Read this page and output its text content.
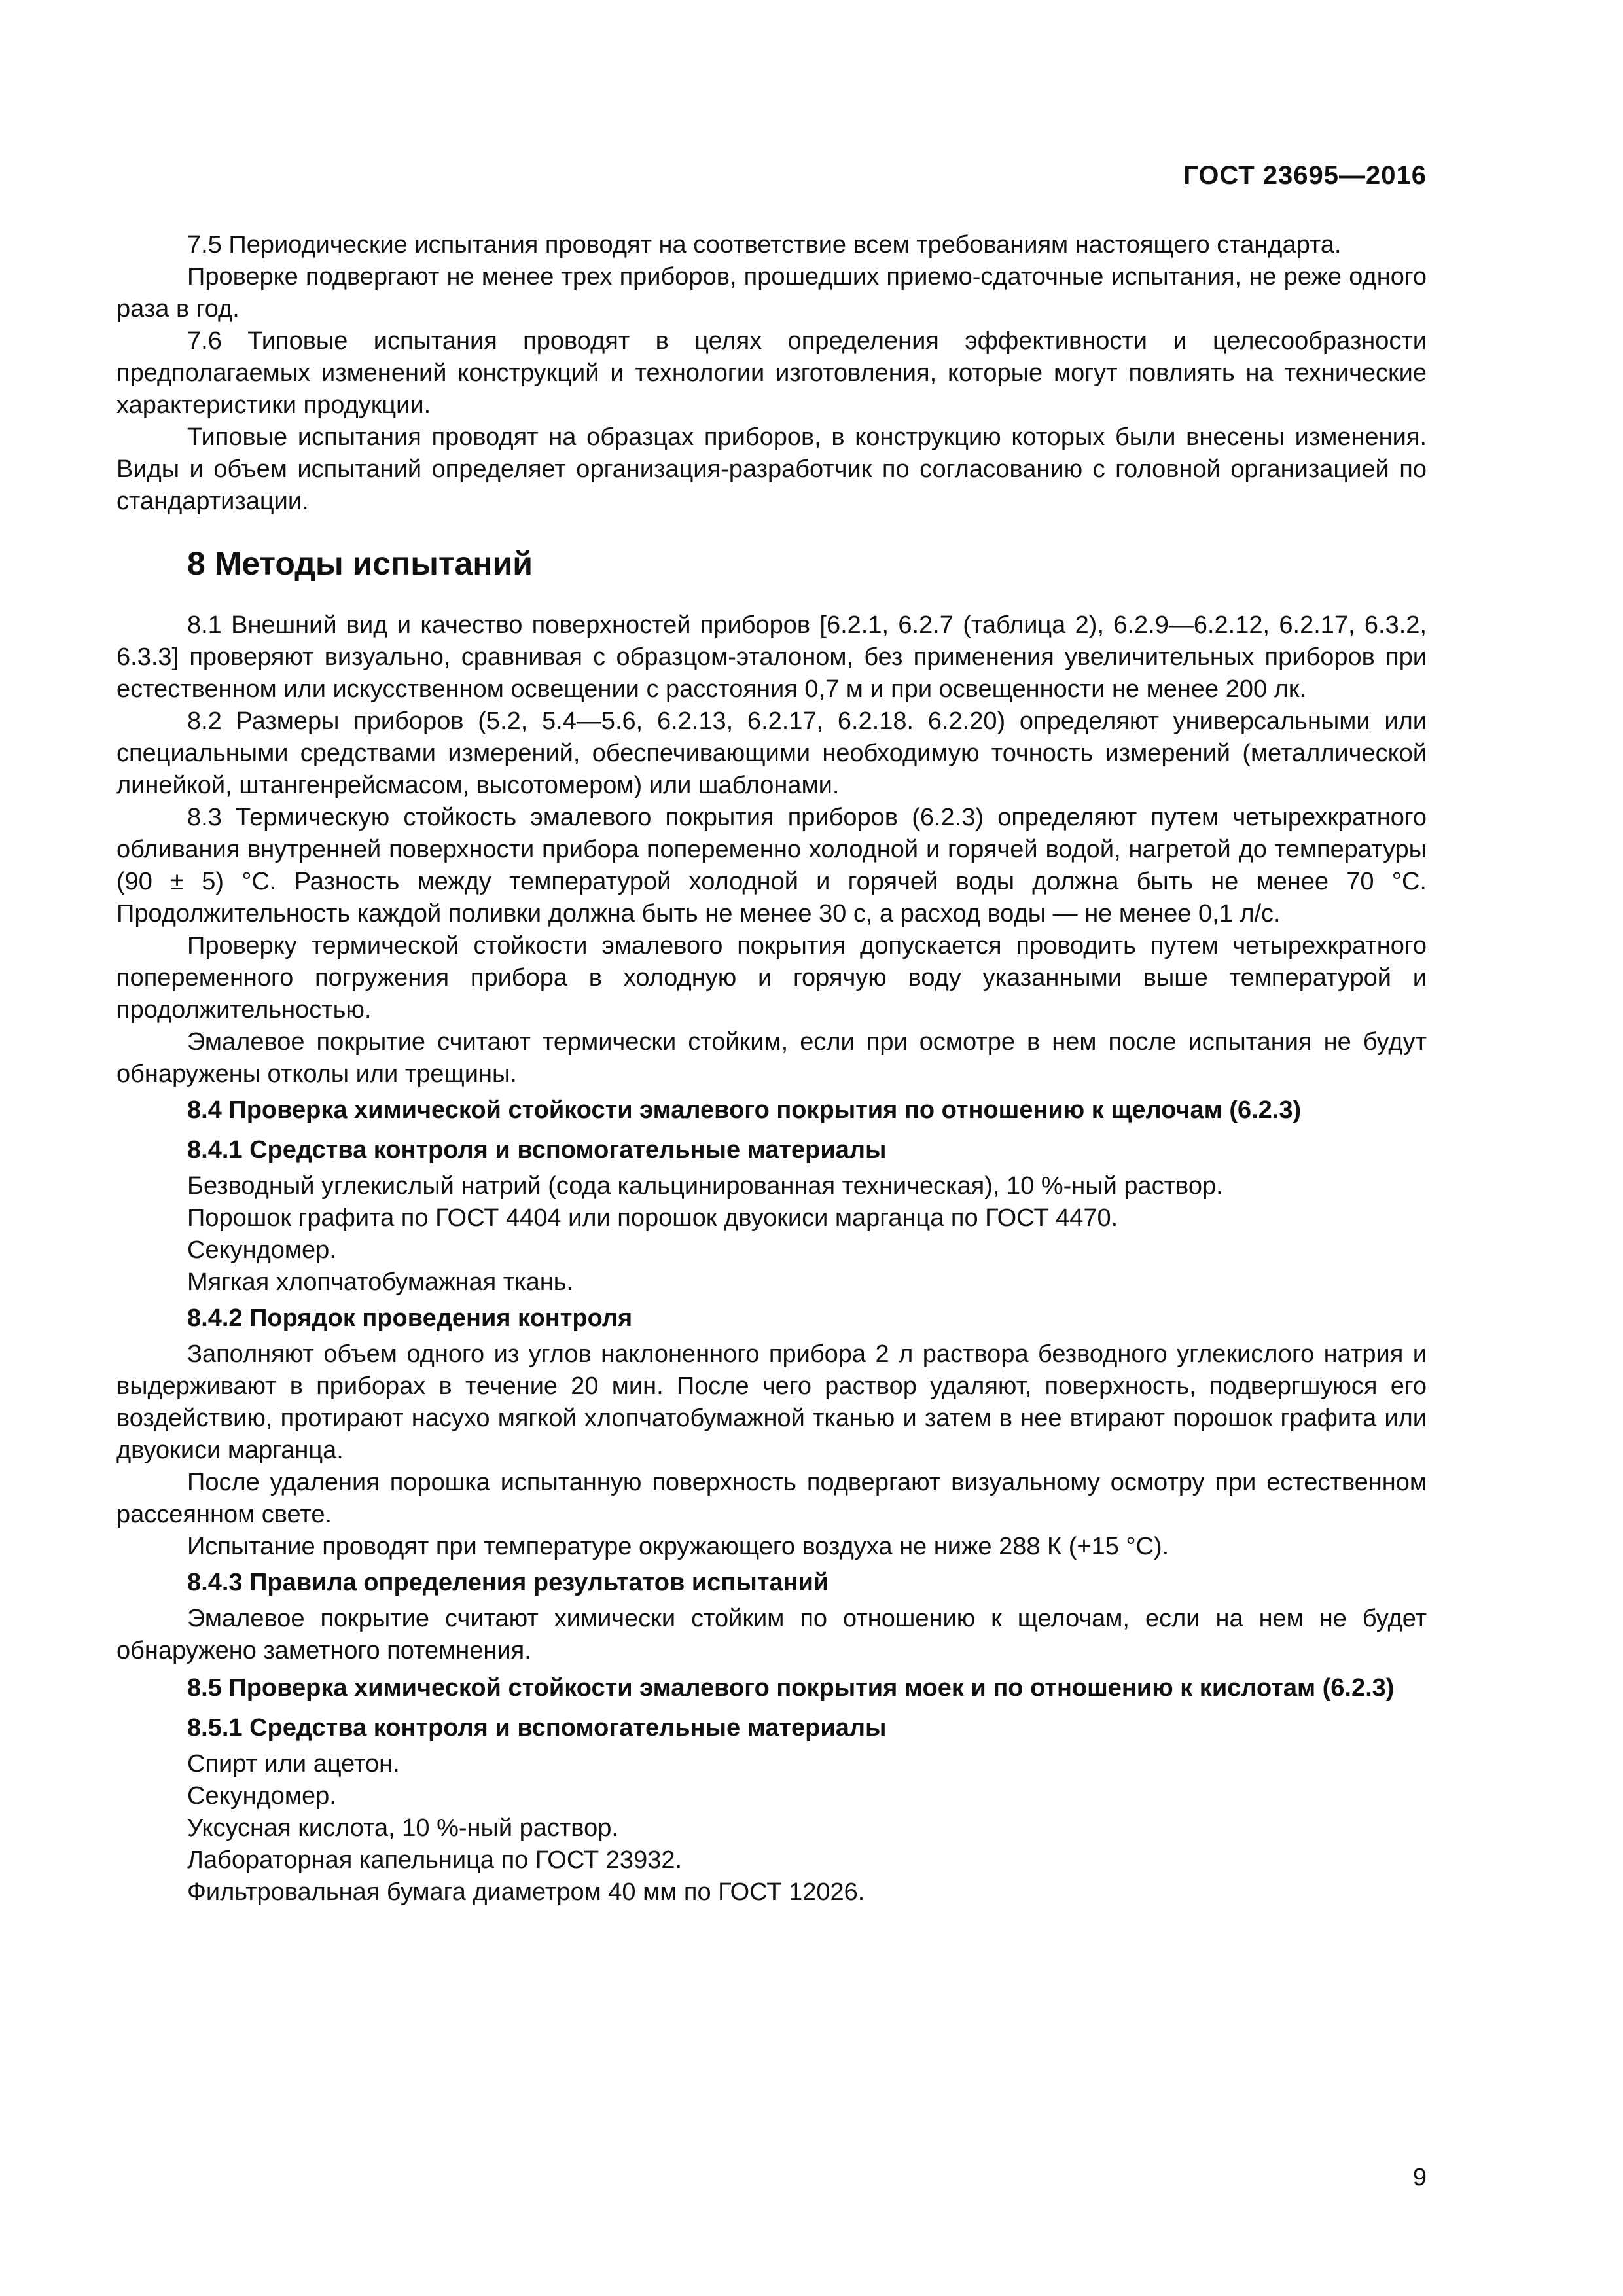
ГОСТ 23695—2016

7.5 Периодические испытания проводят на соответствие всем требованиям настоящего стандарта.

Проверке подвергают не менее трех приборов, прошедших приемо-сдаточные испытания, не реже одного раза в год.

7.6 Типовые испытания проводят в целях определения эффективности и целесообразности предполагаемых изменений конструкций и технологии изготовления, которые могут повлиять на технические характеристики продукции.

Типовые испытания проводят на образцах приборов, в конструкцию которых были внесены изменения. Виды и объем испытаний определяет организация-разработчик по согласованию с головной организацией по стандартизации.

8 Методы испытаний

8.1 Внешний вид и качество поверхностей приборов [6.2.1, 6.2.7 (таблица 2), 6.2.9—6.2.12, 6.2.17, 6.3.2, 6.3.3] проверяют визуально, сравнивая с образцом-эталоном, без применения увеличительных приборов при естественном или искусственном освещении с расстояния 0,7 м и при освещенности не менее 200 лк.

8.2 Размеры приборов (5.2, 5.4—5.6, 6.2.13, 6.2.17, 6.2.18. 6.2.20) определяют универсальными или специальными средствами измерений, обеспечивающими необходимую точность измерений (металлической линейкой, штангенрейсмасом, высотомером) или шаблонами.

8.3 Термическую стойкость эмалевого покрытия приборов (6.2.3) определяют путем четырехкратного обливания внутренней поверхности прибора попеременно холодной и горячей водой, нагретой до температуры (90 ± 5) °С. Разность между температурой холодной и горячей воды должна быть не менее 70 °С. Продолжительность каждой поливки должна быть не менее 30 с, а расход воды — не менее 0,1 л/с.

Проверку термической стойкости эмалевого покрытия допускается проводить путем четырехкратного попеременного погружения прибора в холодную и горячую воду указанными выше температурой и продолжительностью.

Эмалевое покрытие считают термически стойким, если при осмотре в нем после испытания не будут обнаружены отколы или трещины.

8.4 Проверка химической стойкости эмалевого покрытия по отношению к щелочам (6.2.3)
8.4.1 Средства контроля и вспомогательные материалы

Безводный углекислый натрий (сода кальцинированная техническая), 10 %-ный раствор.

Порошок графита по ГОСТ 4404 или порошок двуокиси марганца по ГОСТ 4470.

Секундомер.

Мягкая хлопчатобумажная ткань.

8.4.2 Порядок проведения контроля

Заполняют объем одного из углов наклоненного прибора 2 л раствора безводного углекислого натрия и выдерживают в приборах в течение 20 мин. После чего раствор удаляют, поверхность, подвергшуюся его воздействию, протирают насухо мягкой хлопчатобумажной тканью и затем в нее втирают порошок графита или двуокиси марганца.

После удаления порошка испытанную поверхность подвергают визуальному осмотру при естественном рассеянном свете.

Испытание проводят при температуре окружающего воздуха не ниже 288 К (+15 °С).

8.4.3 Правила определения результатов испытаний

Эмалевое покрытие считают химически стойким по отношению к щелочам, если на нем не будет обнаружено заметного потемнения.

8.5 Проверка химической стойкости эмалевого покрытия моек и по отношению к кислотам (6.2.3)
8.5.1 Средства контроля и вспомогательные материалы

Спирт или ацетон.

Секундомер.

Уксусная кислота, 10 %-ный раствор.

Лабораторная капельница по ГОСТ 23932.

Фильтровальная бумага диаметром 40 мм по ГОСТ 12026.

9
